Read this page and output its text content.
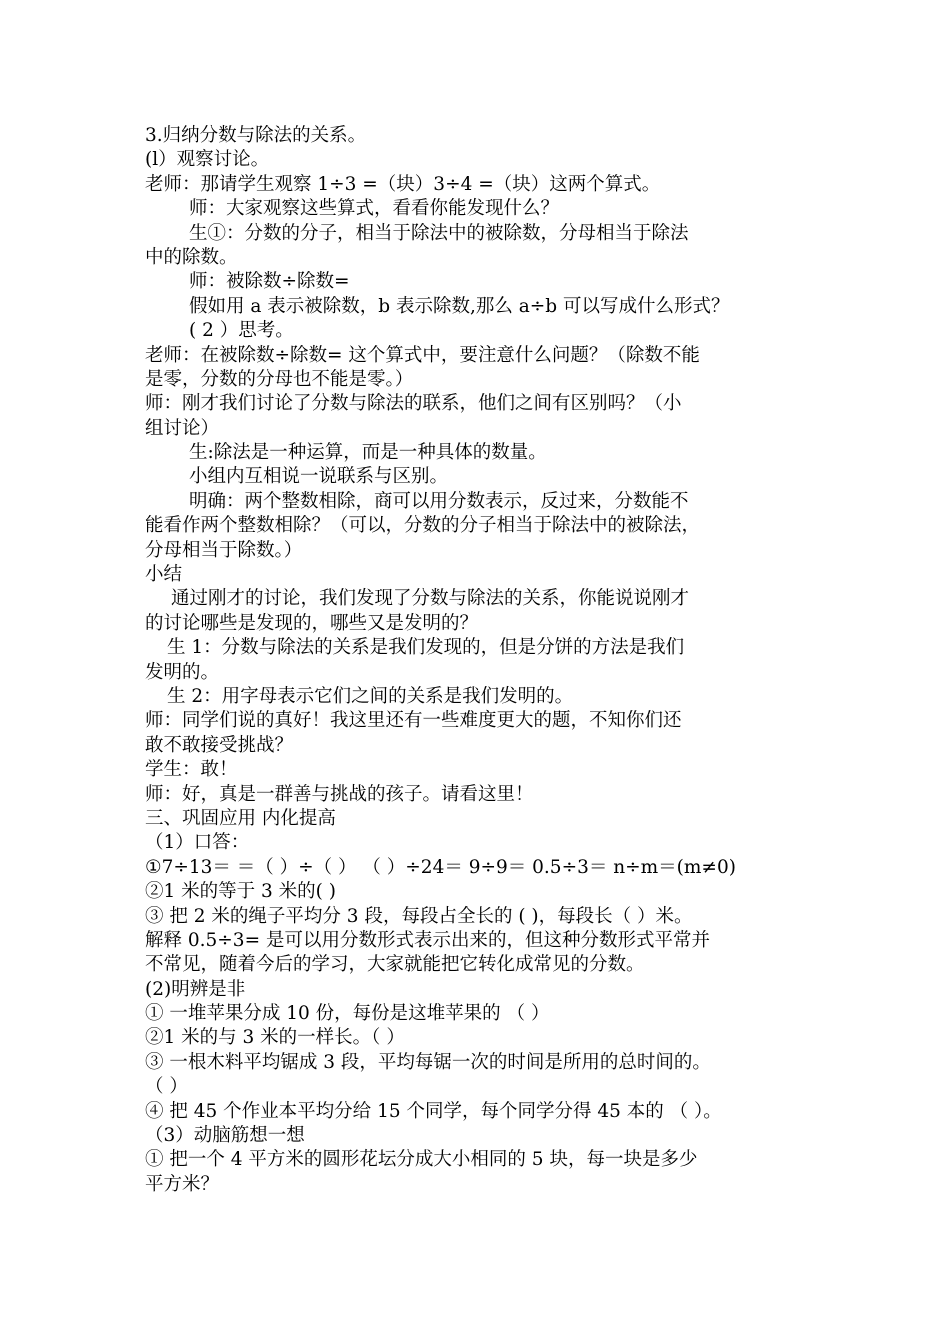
3.归纳分数与除法的关系。
(l）观察讨论。
老师：那请学生观察 1÷3 =（块）3÷4 =（块）这两个算式。
师：大家观察这些算式，看看你能发现什么？
生①：分数的分子，相当于除法中的被除数，分母相当于除法
中的除数。
师：被除数÷除数=
假如用 a 表示被除数，b 表示除数,那么 a÷b 可以写成什么形式？
( 2 ）思考。
老师：在被除数÷除数= 这个算式中，要注意什么问题？（除数不能
是零，分数的分母也不能是零。）
师：刚才我们讨论了分数与除法的联系，他们之间有区别吗？（小
组讨论）
生:除法是一种运算，而是一种具体的数量。
小组内互相说一说联系与区别。
明确：两个整数相除，商可以用分数表示，反过来，分数能不
能看作两个整数相除？（可以，分数的分子相当于除法中的被除法，
分母相当于除数。）
小结
通过刚才的讨论，我们发现了分数与除法的关系，你能说说刚才
的讨论哪些是发现的，哪些又是发明的？
生 1：分数与除法的关系是我们发现的，但是分饼的方法是我们
发明的。
生 2：用字母表示它们之间的关系是我们发明的。
师：同学们说的真好！我这里还有一些难度更大的题，不知你们还
敢不敢接受挑战？
学生：敢！
师：好，真是一群善与挑战的孩子。请看这里！
三、巩固应用 内化提高
（1）口答：
①7÷13＝ ＝（ ）÷（ ） （ ）÷24＝ 9÷9＝ 0.5÷3＝ n÷m＝(m≠0)
②1 米的等于 3 米的( )
③ 把 2 米的绳子平均分 3 段，每段占全长的 ( )，每段长（ ）米。
解释 0.5÷3= 是可以用分数形式表示出来的，但这种分数形式平常并
不常见，随着今后的学习，大家就能把它转化成常见的分数。
(2)明辨是非
① 一堆苹果分成 10 份，每份是这堆苹果的 （ ）
②1 米的与 3 米的一样长。（ ）
③ 一根木料平均锯成 3 段，平均每锯一次的时间是所用的总时间的。
（ ）
④ 把 45 个作业本平均分给 15 个同学，每个同学分得 45 本的 （ ）。
（3）动脑筋想一想
① 把一个 4 平方米的圆形花坛分成大小相同的 5 块，每一块是多少
平方米？
